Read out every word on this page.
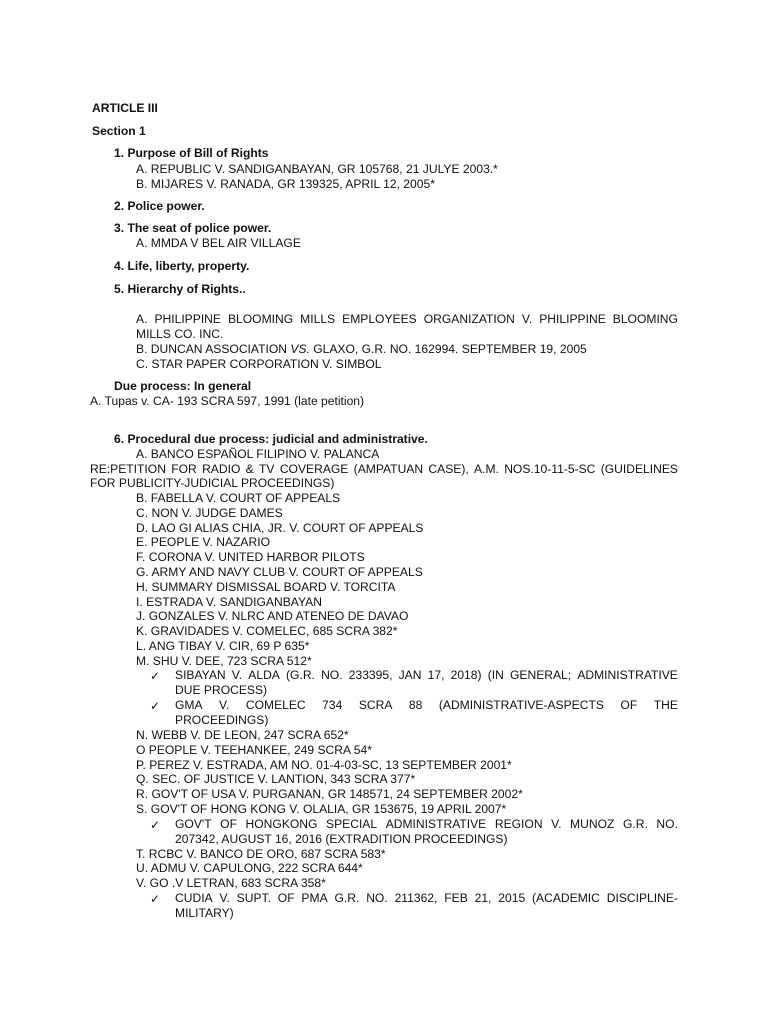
ARTICLE III
Section 1
1. Purpose of Bill of Rights
A. REPUBLIC V. SANDIGANBAYAN, GR 105768, 21 JULYE 2003.*
B. MIJARES V. RANADA, GR 139325, APRIL 12, 2005*
2. Police power.
3. The seat of police power.
A. MMDA V BEL AIR VILLAGE
4. Life, liberty, property.
5. Hierarchy of Rights..
A. PHILIPPINE BLOOMING MILLS EMPLOYEES ORGANIZATION V. PHILIPPINE BLOOMING
MILLS CO. INC.
B. DUNCAN ASSOCIATION VS. GLAXO, G.R. NO. 162994. SEPTEMBER 19, 2005
C. STAR PAPER CORPORATION V. SIMBOL
Due process: In general
A. Tupas v. CA- 193 SCRA 597, 1991 (late petition)
6. Procedural due process: judicial and administrative.
A. BANCO ESPAÑOL FILIPINO V. PALANCA
RE:PETITION FOR RADIO & TV COVERAGE (AMPATUAN CASE), A.M. NOS.10-11-5-SC (GUIDELINES
FOR PUBLICITY-JUDICIAL PROCEEDINGS)
B. FABELLA V. COURT OF APPEALS
C. NON V. JUDGE DAMES
D. LAO GI ALIAS CHIA, JR. V. COURT OF APPEALS
E. PEOPLE V. NAZARIO
F. CORONA V. UNITED HARBOR PILOTS
G. ARMY AND NAVY CLUB V. COURT OF APPEALS
H. SUMMARY DISMISSAL BOARD V. TORCITA
I. ESTRADA V. SANDIGANBAYAN
J. GONZALES V. NLRC AND ATENEO DE DAVAO
K. GRAVIDADES V. COMELEC, 685 SCRA 382*
L. ANG TIBAY V. CIR, 69 P 635*
M. SHU V. DEE, 723 SCRA 512*
✓ SIBAYAN V. ALDA (G.R. NO. 233395, JAN 17, 2018) (IN GENERAL; ADMINISTRATIVE
DUE PROCESS)
✓ GMA V. COMELEC 734 SCRA 88 (ADMINISTRATIVE-ASPECTS OF THE
PROCEEDINGS)
N. WEBB V. DE LEON, 247 SCRA 652*
O PEOPLE V. TEEHANKEE, 249 SCRA 54*
P. PEREZ V. ESTRADA, AM NO. 01-4-03-SC, 13 SEPTEMBER 2001*
Q. SEC. OF JUSTICE V. LANTION, 343 SCRA 377*
R. GOV'T OF USA V. PURGANAN, GR 148571, 24 SEPTEMBER 2002*
S. GOV'T OF HONG KONG V. OLALIA, GR 153675, 19 APRIL 2007*
✓ GOV'T OF HONGKONG SPECIAL ADMINISTRATIVE REGION V. MUNOZ G.R. NO.
207342, AUGUST 16, 2016 (EXTRADITION PROCEEDINGS)
T. RCBC V. BANCO DE ORO, 687 SCRA 583*
U. ADMU V. CAPULONG, 222 SCRA 644*
V. GO .V LETRAN, 683 SCRA 358*
✓ CUDIA V. SUPT. OF PMA G.R. NO. 211362, FEB 21, 2015 (ACADEMIC DISCIPLINE-
MILITARY)
